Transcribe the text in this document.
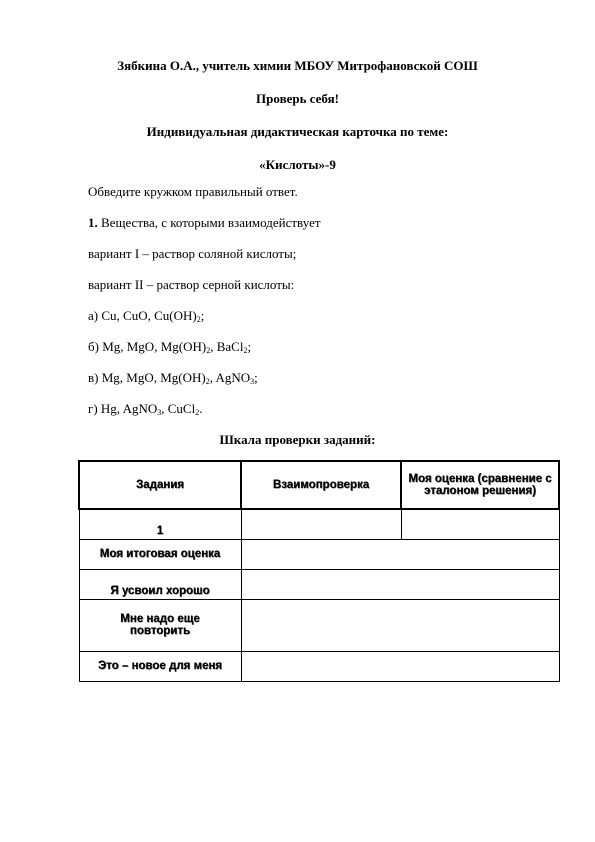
Зябкина О.А., учитель химии МБОУ Митрофановской СОШ
Проверь себя!
Индивидуальная дидактическая карточка по теме:
«Кислоты»-9
Обведите кружком правильный ответ.
1. Вещества, с которыми взаимодействует
вариант I – раствор соляной кислоты;
вариант II – раствор серной кислоты:
а) Cu, CuO, $Cu(OH)_2$;
б) Mg, MgO, $Mg(OH)_2$, BaCl$_2$;
в) Mg, MgO, $Mg(OH)_2$, AgNO$_3$;
г) Hg, AgNO$_3$, CuCl$_2$.
Шкала проверки заданий:
Задания	Взаимопроверка	Моя оценка (сравнение с эталоном решения)
1		
Моя итоговая оценка		
Я усвоил хорошо		
Мне надо еще повторить		
Это – новое для меня		
